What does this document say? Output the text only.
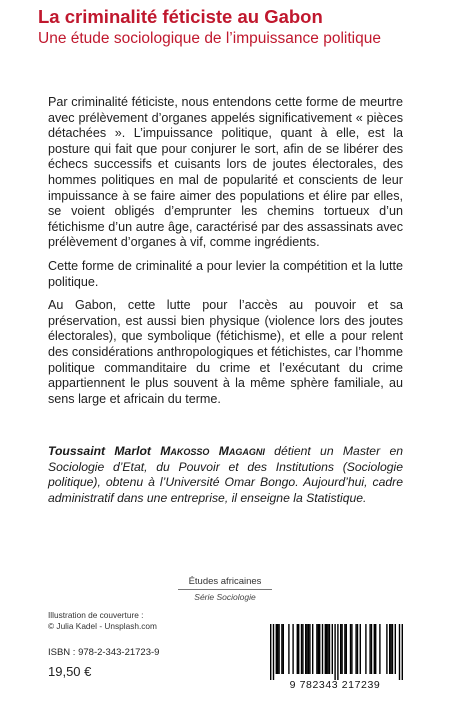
La criminalité féticiste au Gabon
Une étude sociologique de l’impuissance politique

Par criminalité féticiste, nous entendons cette forme de meurtre avec prélèvement d’organes appelés significativement « pièces détachées ». L’impuissance politique, quant à elle, est la posture qui fait que pour conjurer le sort, afin de se libérer des échecs successifs et cuisants lors de joutes électorales, des hommes politiques en mal de popularité et conscients de leur impuissance à se faire aimer des populations et élire par elles, se voient obligés d’emprunter les chemins tortueux d’un fétichisme d’un autre âge, caractérisé par des assassinats avec prélèvement d’organes à vif, comme ingrédients.

Cette forme de criminalité a pour levier la compétition et la lutte politique.

Au Gabon, cette lutte pour l’accès au pouvoir et sa préservation, est aussi bien physique (violence lors des joutes électorales), que symbolique (fétichisme), et elle a pour relent des considérations anthropologiques et fétichistes, car l’homme politique commanditaire du crime et l’exécutant du crime appartiennent le plus souvent à la même sphère familiale, au sens large et africain du terme.

Toussaint Marlot Makosso Magagni détient un Master en Sociologie d’Etat, du Pouvoir et des Institutions (Sociologie politique), obtenu à l’Université Omar Bongo. Aujourd’hui, cadre administratif dans une entreprise, il enseigne la Statistique.
Études africaines
Série Sociologie
Illustration de couverture :
© Julia Kadel - Unsplash.com
ISBN : 978-2-343-21723-9
19,50 €
9 782343 217239
